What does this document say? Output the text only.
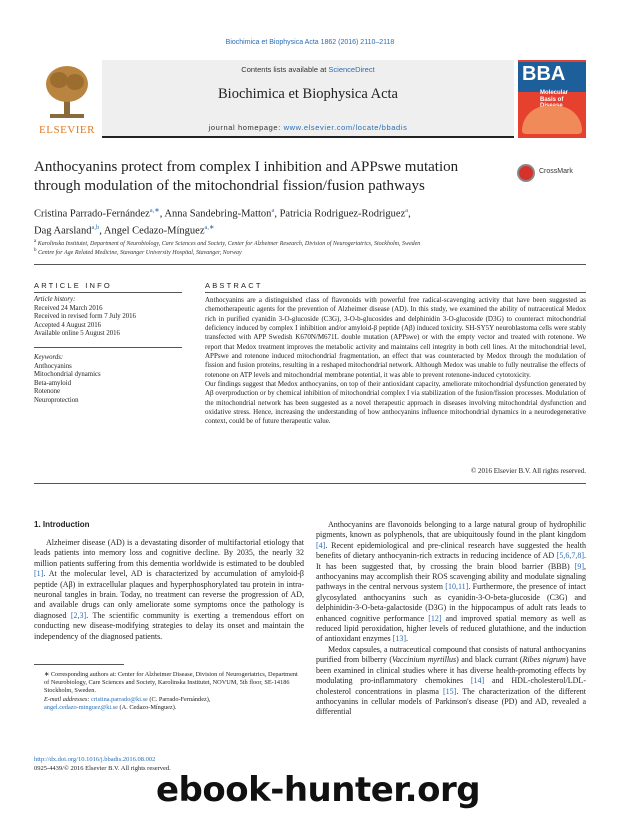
Biochimica et Biophysica Acta 1862 (2016) 2110–2118
ELSEVIER
Contents lists available at ScienceDirect
Biochimica et Biophysica Acta
journal homepage: www.elsevier.com/locate/bbadis
BBA
Molecular Basis of
Anthocyanins protect from complex I inhibition and APPswe mutation through modulation of the mitochondrial fission/fusion pathways
CrossMark
Cristina Parrado-Fernández$^{a,∗}$, Anna Sandebring-Matton$^a$, Patricia Rodriguez-Rodriguez$^a$,
Dag Aarsland$^{a,b}$, Angel Cedazo-Mínguez$^{a,∗}$
$^a$ Karolinska Institutet, Department of Neurobiology, Care Sciences and Society, Center for Alzheimer Research, Division of Neurogeriatrics, Stockholm, Sweden
$^b$ Centre for Age Related Medicine, Stavanger University Hospital, Stavanger, Norway
ARTICLE INFO	ABSTRACT
Article history:
Received 24 March 2016
Received in revised form 7 July 2016
Accepted 4 August 2016
Available online 5 August 2016
Keywords:
Anthocyanins
Mitochondrial dynamics
Beta-amyloid
Rotenone
Neuroprotection

Anthocyanins are a distinguished class of flavonoids with powerful free radical-scavenging activity that have been suggested as chemotherapeutic agents for the prevention of Alzheimer disease (AD). In this study, we examined the ability of nutraceutical Medox rich in purified cyanidin 3-O-glucoside (C3G), 3-O-b-glucosides and delphinidin 3-O-glucoside (D3G) to counteract mitochondrial deficiency induced by complex I inhibition and/or amyloid-β peptide (Aβ) induced toxicity. SH-SY5Y neuroblastoma cells were stably transfected with APP Swedish K670N/M671L double mutation (APPswe) or with the empty vector and treated with rotenone. We report that Medox treatment improves the metabolic activity and maintains cell integrity in both cell lines. At the mitochondrial level, APPswe and rotenone induced mitochondrial fragmentation, an effect that was counteracted by Medox through the modulation of fission and fusion proteins, resulting in a reshaped mitochondrial network. Although Medox was unable to fully neutralise the effects of rotenone on ATP levels and mitochondrial membrane potential, it was able to prevent rotenone-induced cytotoxicity.

Our findings suggest that Medox anthocyanins, on top of their antioxidant capacity, ameliorate mitochondrial dysfunction generated by Aβ overproduction or by chemical inhibition of mitochondrial complex I via stabilization of the fusion/fission processes. Modulation of the mitochondrial network has been suggested as a novel therapeutic approach in diseases involving mitochondrial dysfunction and oxidative stress. Hence, increasing the understanding of how anthocyanins influence mitochondrial dynamics in a neurodegenerative context, could be of future therapeutic value.

© 2016 Elsevier B.V. All rights reserved.
1. Introduction

Alzheimer disease (AD) is a devastating disorder of multifactorial etiology that leads patients into memory loss and cognitive decline. By 2035, the nearly 32 million patients suffering from this dementia worldwide is estimated to be doubled [1]. At the molecular level, AD is characterized by accumulation of amyloid-β peptide (Aβ) in extracellular plaques and hyperphosphorylated tau protein in intra-neuronal tangles in brain. Today, no treatment can reverse the progression of AD, and available drugs can only ameliorate some symptoms once the pathology is diagnosed [2,3]. The scientific community is exerting a tremendous effort on conducting new disease-modifying strategies to delay its onset and maintain the independency of the diagnosed patients.

Anthocyanins are flavonoids belonging to a large natural group of hydrophilic pigments, known as polyphenols, that are ubiquitously found in the plant kingdom [4]. Recent epidemiological and pre-clinical research have suggested the health benefits of dietary anthocyanin-rich extracts in reducing incidence of AD [5,6,7,8]. It has been suggested that, by crossing the brain blood barrier (BBB) [9], anthocyanins may accomplish their ROS scavenging ability and modulate signaling pathways in the central nervous system [10,11]. Furthermore, the presence of intact glycosylated anthocyanins such as cyanidin-3-O-beta-glucoside (C3G) and delphinidin-3-O-beta-galactoside (D3G) in the hippocampus of adult rats leads to enhanced cognitive performance [12] and improved spatial memory as well as reduced lipid peroxidation, higher levels of reduced glutathione, and the induction of antioxidant enzymes [13].

Medox capsules, a nutraceutical compound that consists of natural anthocyanins purified from bilberry (Vaccinium myrtillus) and black currant (Ribes nigrum) have been examined in clinical studies where it has diverse health-promoting effects by modulating pro-inflammatory chemokines [14] and HDL-cholesterol/LDL-cholesterol concentrations in plasma [15]. The characterization of the different anthocyanins in cellular models of Parkinson's disease (PD) and AD, revealed a differential

∗ Corresponding authors at: Center for Alzheimer Disease, Division of Neurogeriatrics, Department of Neurobiology, Care Sciences and Society, Karolinska Institutet, NOVUM, 5th floor, SE-14186 Stockholm, Sweden.
E-mail addresses: cristina.parrado@ki.se (C. Parrado-Fernández),
angel.cedazo-minguez@ki.se (A. Cedazo-Mínguez).
http://dx.doi.org/10.1016/j.bbadis.2016.08.002
0925-4439/© 2016 Elsevier B.V. All rights reserved.
ebook-hunter.org
